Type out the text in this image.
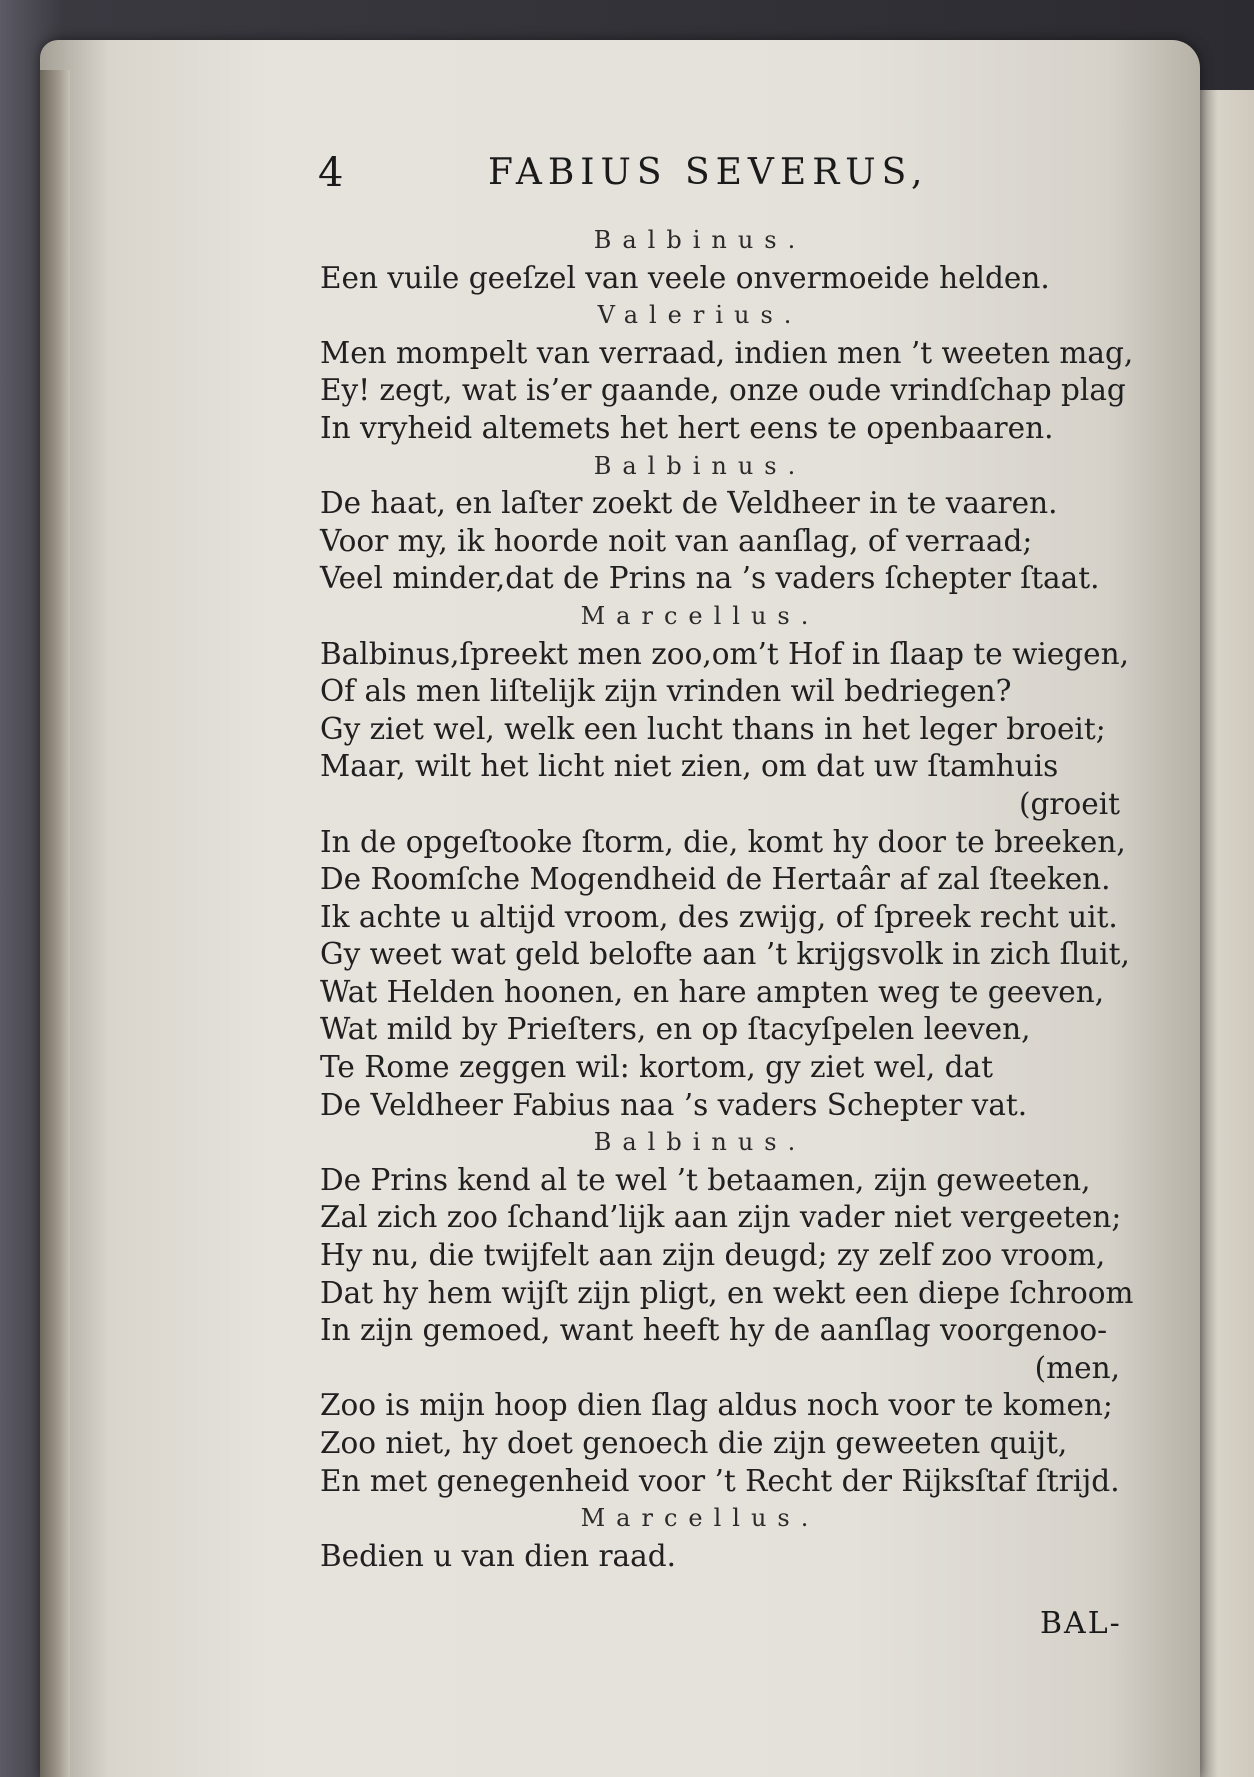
4	FABIUS SEVERUS,
Balbinus.
Een vuile geeſzel van veele onvermoeide helden.
Valerius.
Men mompelt van verraad, indien men ’t weeten mag,
Ey! zegt, wat is’er gaande, onze oude vrindſchap plag
In vryheid altemets het hert eens te openbaaren.
Balbinus.
De haat, en laſter zoekt de Veldheer in te vaaren.
Voor my, ik hoorde noit van aanſlag, of verraad;
Veel minder,dat de Prins na ’s vaders ſchepter ſtaat.
Marcellus.
Balbinus,ſpreekt men zoo,om’t Hof in ſlaap te wiegen,
Of als men liſtelijk zijn vrinden wil bedriegen?
Gy ziet wel, welk een lucht thans in het leger broeit;
Maar, wilt het licht niet zien, om dat uw ſtamhuis
(groeit
In de opgeſtooke ſtorm, die, komt hy door te breeken,
De Roomſche Mogendheid de Hertaâr af zal ſteeken.
Ik achte u altijd vroom, des zwijg, of ſpreek recht uit.
Gy weet wat geld belofte aan ’t krijgsvolk in zich ſluit,
Wat Helden hoonen, en hare ampten weg te geeven,
Wat mild by Prieſters, en op ſtacyſpelen leeven,
Te Rome zeggen wil: kortom, gy ziet wel, dat
De Veldheer Fabius naa ’s vaders Schepter vat.
Balbinus.
De Prins kend al te wel ’t betaamen, zijn geweeten,
Zal zich zoo ſchand’lijk aan zijn vader niet vergeeten;
Hy nu, die twijfelt aan zijn deugd; zy zelf zoo vroom,
Dat hy hem wijſt zijn pligt, en wekt een diepe ſchroom
In zijn gemoed, want heeft hy de aanſlag voorgenoo-
(men,
Zoo is mijn hoop dien ſlag aldus noch voor te komen;
Zoo niet, hy doet genoech die zijn geweeten quijt,
En met genegenheid voor ’t Recht der Rijksſtaf ſtrijd.
Marcellus.
Bedien u van dien raad.
BAL-
